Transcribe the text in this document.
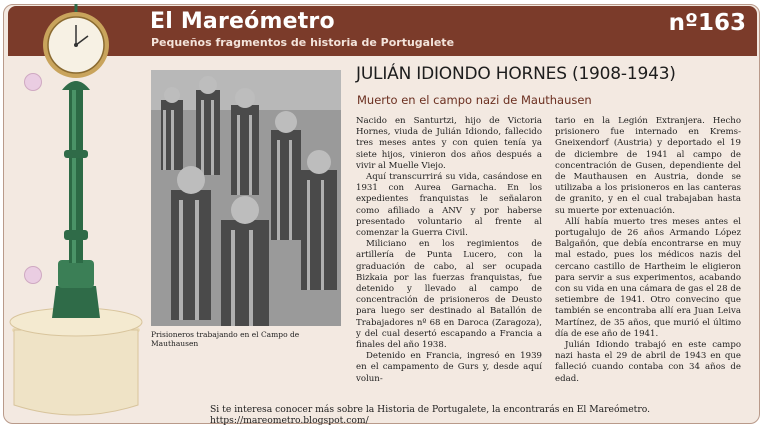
El Mareómetro
Pequeños fragmentos de historia de Portugalete
nº163
Prisioneros trabajando en el Campo de Mauthausen
JULIÁN IDIONDO HORNES (1908-1943)
Muerto en el campo nazi de Mauthausen

Nacido en Santurtzi, hijo de Victoria Hornes, viuda de Julián Idiondo, fallecido tres meses antes y con quien tenía ya siete hijos, vinieron dos años después a vivir al Muelle Viejo.

Aquí transcurrirá su vida, casándose en 1931 con Aurea Garnacha. En los expedientes franquistas le señalaron como afiliado a ANV y por haberse presentado voluntario al frente al comenzar la Guerra Civil.

Miliciano en los regimientos de artillería de Punta Lucero, con la graduación de cabo, al ser ocupada Bizkaia por las fuerzas franquistas, fue detenido y llevado al campo de concentración de prisioneros de Deusto para luego ser destinado al Batallón de Trabajadores nº 68 en Daroca (Zaragoza), y del cual desertó escapando a Francia a finales del año 1938.

Detenido en Francia, ingresó en 1939 en el campamento de Gurs y, desde aquí volun-

tario en la Legión Extranjera. Hecho prisionero fue internado en Krems-Gneixendorf (Austria) y deportado el 19 de diciembre de 1941 al campo de concentración de Gusen, dependiente del de Mauthausen en Austria, donde se utilizaba a los prisioneros en las canteras de granito, y en el cual trabajaban hasta su muerte por extenuación.

Allí había muerto tres meses antes el portugalujo de 26 años Armando López Balgañón, que debía encontrarse en muy mal estado, pues los médicos nazis del cercano castillo de Hartheim le eligieron para servir a sus experimentos, acabando con su vida en una cámara de gas el 28 de setiembre de 1941. Otro convecino que también se encontraba allí era Juan Leiva Martínez, de 35 años, que murió el último día de ese año de 1941.

Julián Idiondo trabajó en este campo nazi hasta el 29 de abril de 1943 en que falleció cuando contaba con 34 años de edad.

Si te interesa conocer más sobre la Historia de Portugalete, la encontrarás en El Mareómetro. https://mareometro.blogspot.com/
